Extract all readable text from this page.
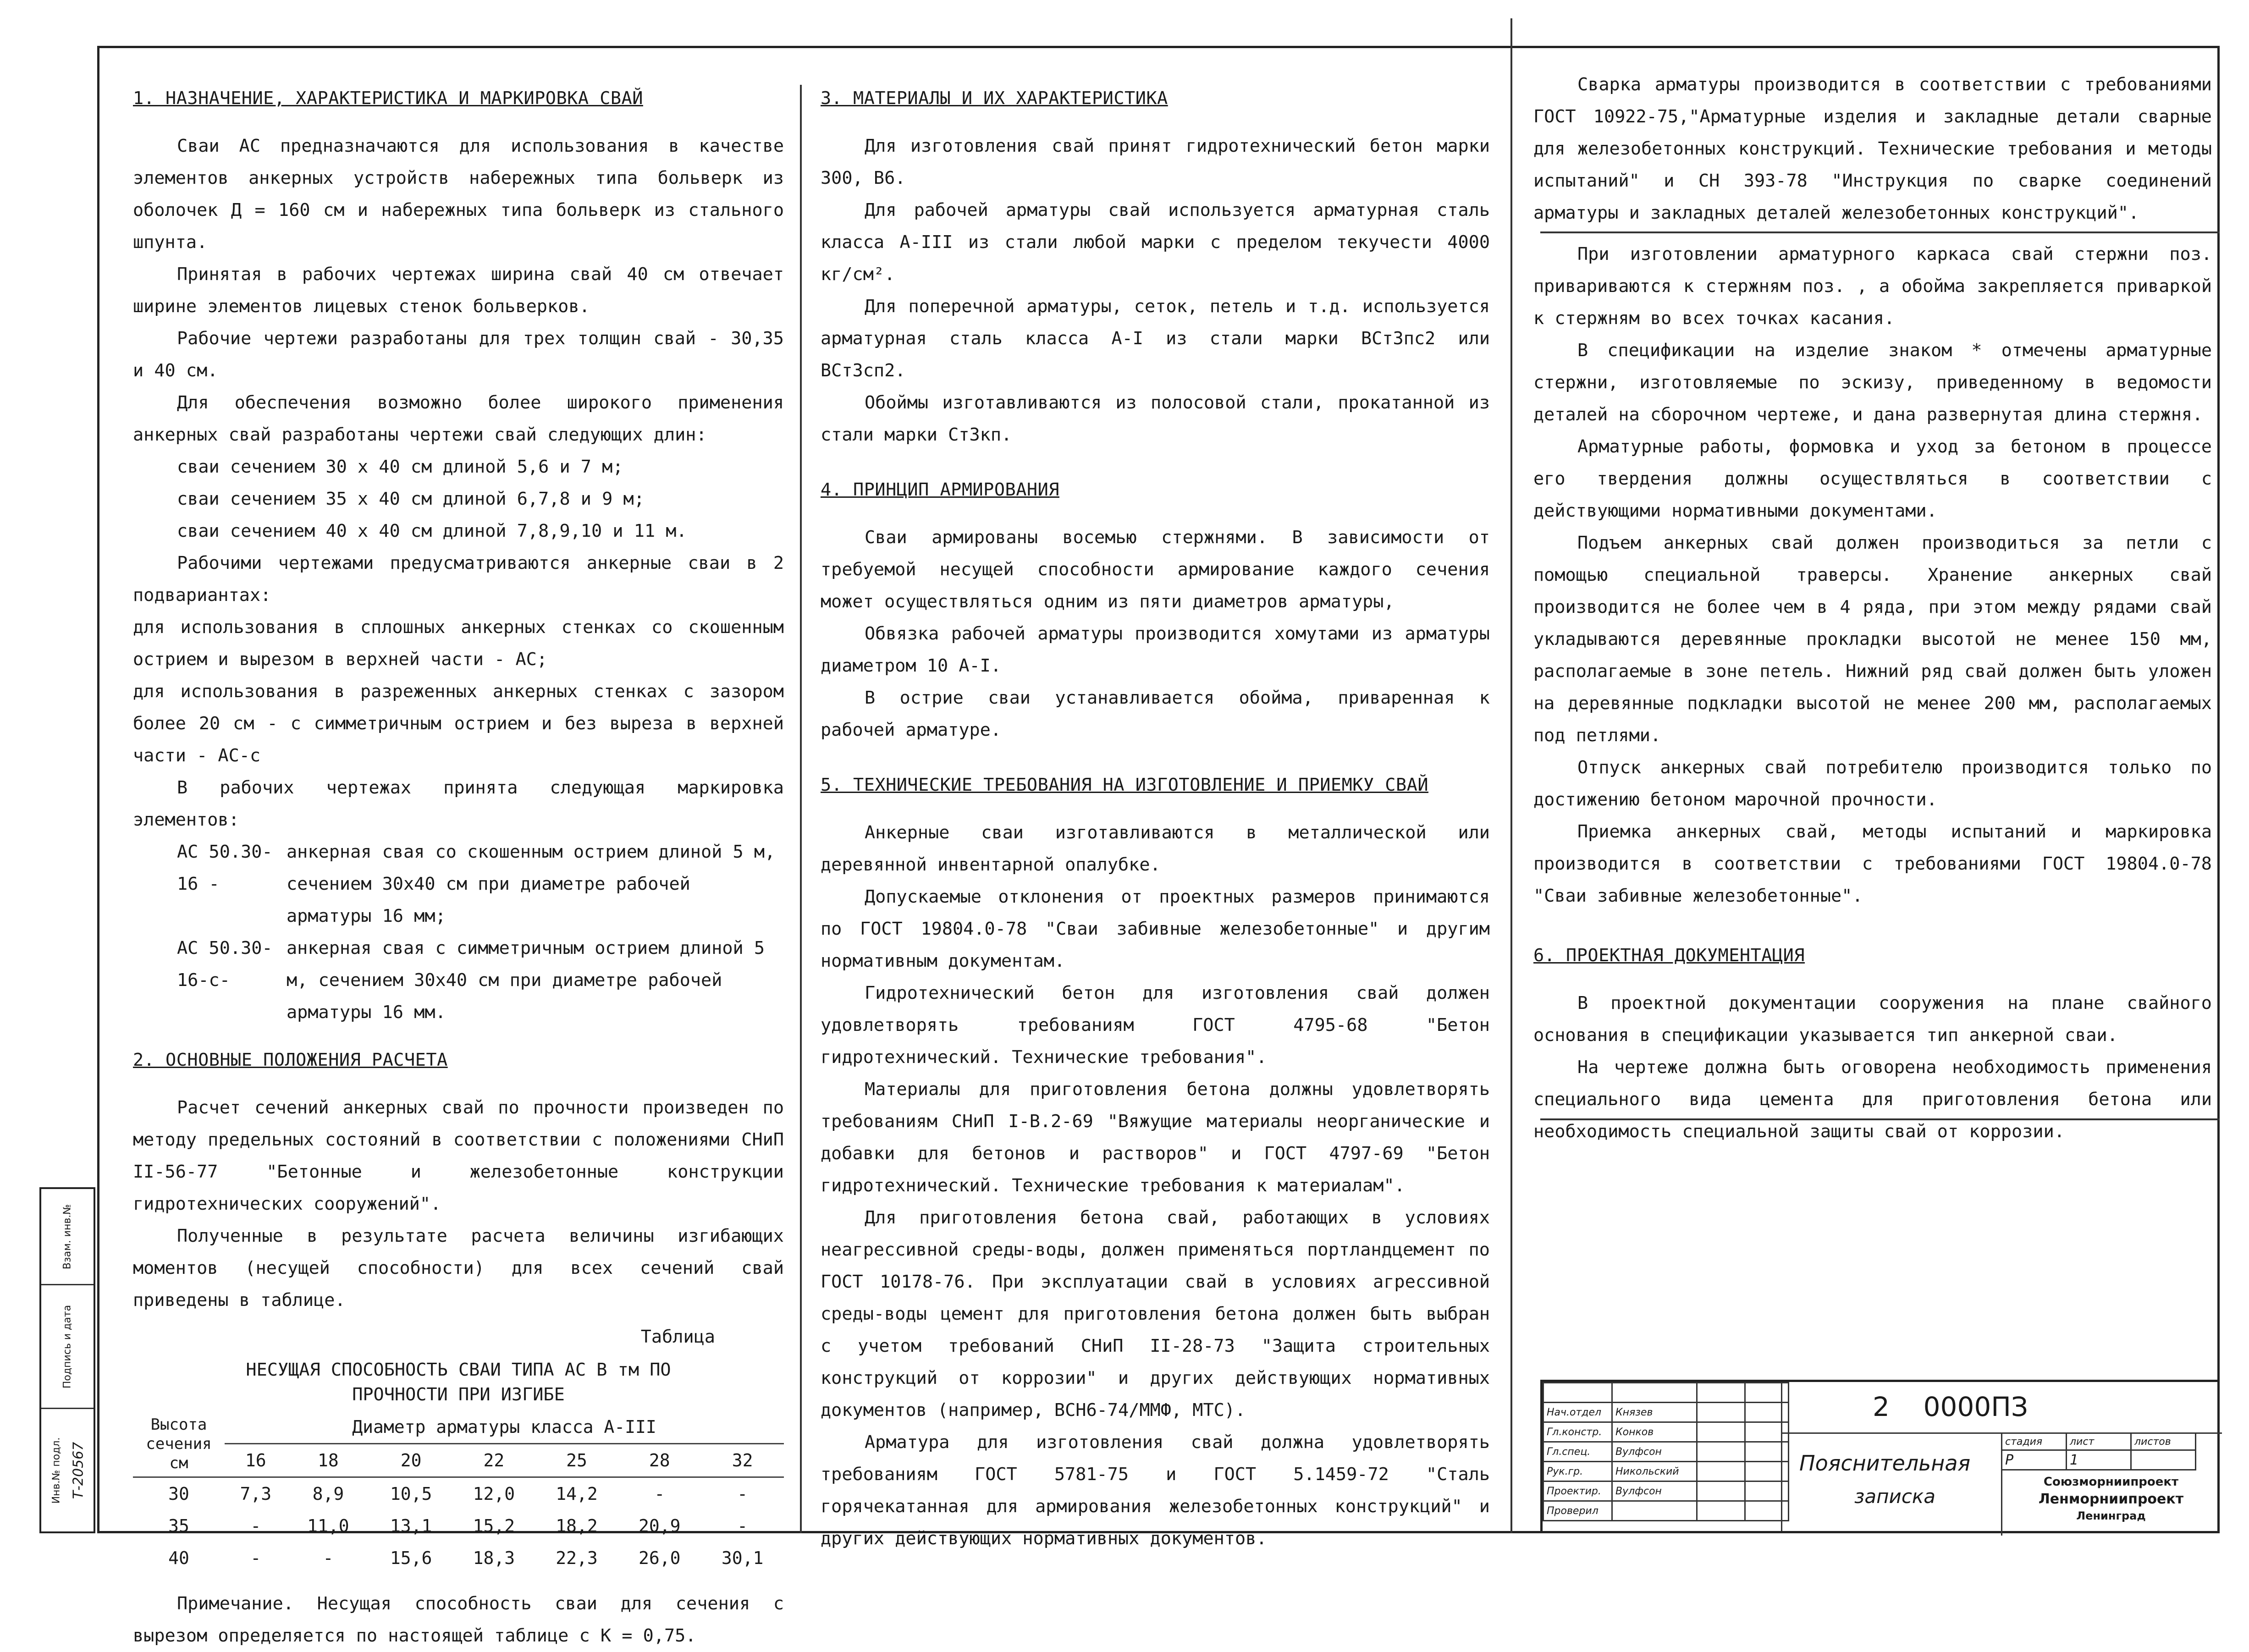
1. НАЗНАЧЕНИЕ, ХАРАКТЕРИСТИКА И МАРКИРОВКА СВАЙ

Сваи АС предназначаются для использования в качестве элементов анкерных устройств набережных типа больверк из оболочек Д = 160 см и набережных типа больверк из стального шпунта.

Принятая в рабочих чертежах ширина свай 40 см отвечает ширине элементов лицевых стенок больверков.

Рабочие чертежи разработаны для трех толщин свай - 30,35 и 40 см.

Для обеспечения возможно более широкого применения анкерных свай разработаны чертежи свай следующих длин:

сваи сечением 30 х 40 см длиной 5,6 и 7 м;

сваи сечением 35 х 40 см длиной 6,7,8 и 9 м;

сваи сечением 40 х 40 см длиной 7,8,9,10 и 11 м.

Рабочими чертежами предусматриваются анкерные сваи в 2 подвариантах:

для использования в сплошных анкерных стенках со скошенным острием и вырезом в верхней части - АС;

для использования в разреженных анкерных стенках с зазором более 20 см - с симметричным острием и без выреза в верхней части - АС-с

В рабочих чертежах принята следующая маркировка элементов:

АС 50.30-16 -
анкерная свая со скошенным острием длиной 5 м, сечением 30х40 см при диаметре рабочей арматуры 16 мм;
АС 50.30-16-с-
анкерная свая с симметричным острием длиной 5 м, сечением 30х40 см при диаметре рабочей арматуры 16 мм.

2. ОСНОВНЫЕ ПОЛОЖЕНИЯ РАСЧЕТА

Расчет сечений анкерных свай по прочности произведен по методу предельных состояний в соответствии с положениями СНиП II-56-77 "Бетонные и железобетонные конструкции гидротехнических сооружений".

Полученные в результате расчета величины изгибающих моментов (несущей способности) для всех сечений свай приведены в таблице.

Таблица
НЕСУЩАЯ СПОСОБНОСТЬ СВАИ ТИПА АС В тм ПО ПРОЧНОСТИ ПРИ ИЗГИБЕ
Высота сечения см	Диаметр арматуры класса А-III						
	16	18	20	22	25	28	32
30	7,3	8,9	10,5	12,0	14,2	-	-
35	-	11,0	13,1	15,2	18,2	20,9	-
40	-	-	15,6	18,3	22,3	26,0	30,1

Примечание. Несущая способность сваи для сечения с вырезом определяется по настоящей таблице с К = 0,75.

3. МАТЕРИАЛЫ И ИХ ХАРАКТЕРИСТИКА

Для изготовления свай принят гидротехнический бетон марки 300, В6.

Для рабочей арматуры свай используется арматурная сталь класса А-III из стали любой марки с пределом текучести 4000 кг/см².

Для поперечной арматуры, сеток, петель и т.д. используется арматурная сталь класса А-I из стали марки ВСт3пс2 или ВСт3сп2.

Обоймы изготавливаются из полосовой стали, прокатанной из стали марки Ст3кп.

4. ПРИНЦИП АРМИРОВАНИЯ

Сваи армированы восемью стержнями. В зависимости от требуемой несущей способности армирование каждого сечения может осуществляться одним из пяти диаметров арматуры,

Обвязка рабочей арматуры производится хомутами из арматуры диаметром 10 А-I.

В острие сваи устанавливается обойма, приваренная к рабочей арматуре.

5. ТЕХНИЧЕСКИЕ ТРЕБОВАНИЯ НА ИЗГОТОВЛЕНИЕ И ПРИЕМКУ СВАЙ

Анкерные сваи изготавливаются в металлической или деревянной инвентарной опалубке.

Допускаемые отклонения от проектных размеров принимаются по ГОСТ 19804.0-78 "Сваи забивные железобетонные" и другим нормативным документам.

Гидротехнический бетон для изготовления свай должен удовлетворять требованиям ГОСТ 4795-68 "Бетон гидротехнический. Технические требования".

Материалы для приготовления бетона должны удовлетворять требованиям СНиП I-В.2-69 "Вяжущие материалы неорганические и добавки для бетонов и растворов" и ГОСТ 4797-69 "Бетон гидротехнический. Технические требования к материалам".

Для приготовления бетона свай, работающих в условиях неагрессивной среды-воды, должен применяться портландцемент по ГОСТ 10178-76. При эксплуатации свай в условиях агрессивной среды-воды цемент для приготовления бетона должен быть выбран с учетом требований СНиП II-28-73 "Защита строительных конструкций от коррозии" и других действующих нормативных документов (например, ВСН6-74/ММФ, МТС).

Арматура для изготовления свай должна удовлетворять требованиям ГОСТ 5781-75 и ГОСТ 5.1459-72 "Сталь горячекатанная для армирования железобетонных конструкций" и других действующих нормативных документов.

Сварка арматуры производится в соответствии с требованиями ГОСТ 10922-75,"Арматурные изделия и закладные детали сварные для железобетонных конструкций. Технические требования и методы испытаний" и СН 393-78 "Инструкция по сварке соединений арматуры и закладных деталей железобетонных конструкций".

При изготовлении арматурного каркаса свай стержни поз. привариваются к стержням поз. , а обойма закрепляется приваркой к стержням во всех точках касания.

В спецификации на изделие знаком * отмечены арматурные стержни, изготовляемые по эскизу, приведенному в ведомости деталей на сборочном чертеже, и дана развернутая длина стержня.

Арматурные работы, формовка и уход за бетоном в процессе его твердения должны осуществляться в соответствии с действующими нормативными документами.

Подъем анкерных свай должен производиться за петли с помощью специальной траверсы. Хранение анкерных свай производится не более чем в 4 ряда, при этом между рядами свай укладываются деревянные прокладки высотой не менее 150 мм, располагаемые в зоне петель. Нижний ряд свай должен быть уложен на деревянные подкладки высотой не менее 200 мм, располагаемых под петлями.

Отпуск анкерных свай потребителю производится только по достижению бетоном марочной прочности.

Приемка анкерных свай, методы испытаний и маркировка производится в соответствии с требованиями ГОСТ 19804.0-78 "Сваи забивные железобетонные".

6. ПРОЕКТНАЯ ДОКУМЕНТАЦИЯ

В проектной документации сооружения на плане свайного основания в спецификации указывается тип анкерной сваи.

На чертеже должна быть оговорена необходимость применения специального вида цемента для приготовления бетона или необходимость специальной защиты свай от коррозии.

Нач.отдел	Князев		
Гл.констр.	Конков		
Гл.спец.	Вулфсон		
Рук.гр.	Никольский		
Проектир.	Вулфсон		
Проверил			
2    0000ПЗ
Пояснительная
записка
стадия	лист	листов
Р	1	
Союзморниипроект
Ленморниипроект
Ленинград
Взам. инв.№
Подпись и дата
Инв.№ подл. Т-20567
